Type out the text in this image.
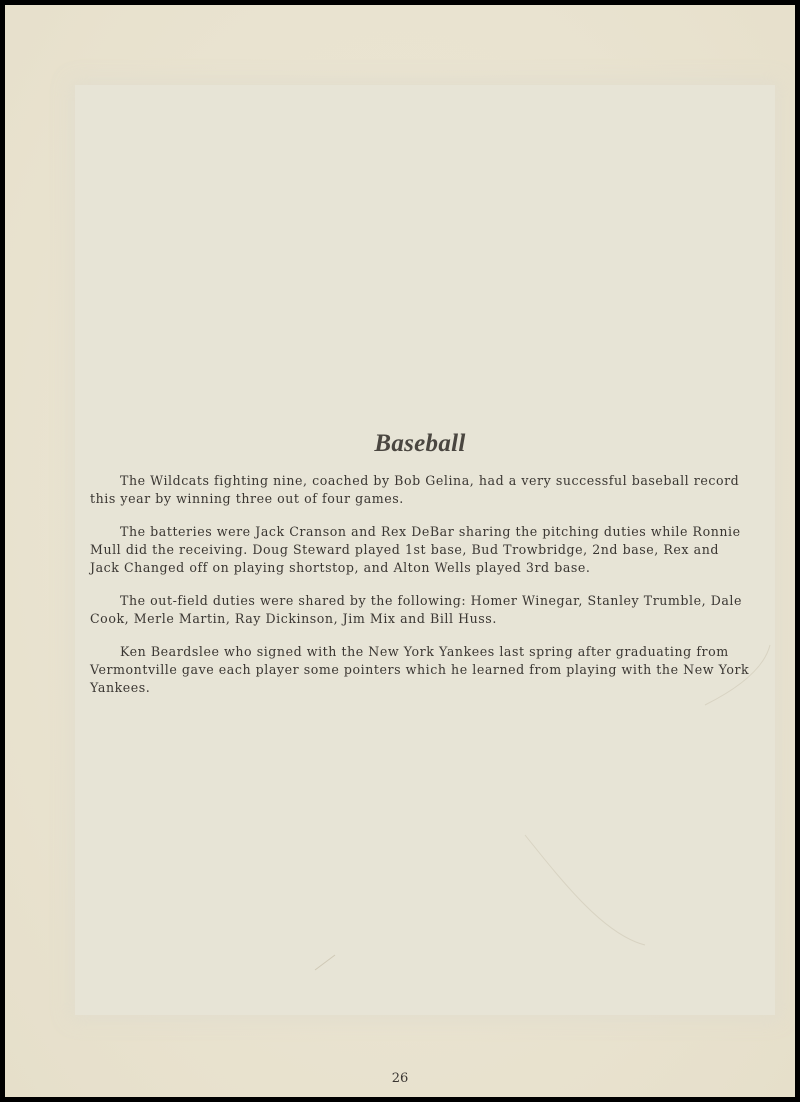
Baseball

The Wildcats fighting nine, coached by Bob Gelina, had a very successful baseball record this year by winning three out of four games.

The batteries were Jack Cranson and Rex DeBar sharing the pitching duties while Ronnie Mull did the receiving. Doug Steward played 1st base, Bud Trowbridge, 2nd base, Rex and Jack Changed off on playing shortstop, and Alton Wells played 3rd base.

The out-field duties were shared by the following: Homer Winegar, Stanley Trumble, Dale Cook, Merle Martin, Ray Dickinson, Jim Mix and Bill Huss.

Ken Beardslee who signed with the New York Yankees last spring after graduating from Vermontville gave each player some pointers which he learned from playing with the New York Yankees.

26
